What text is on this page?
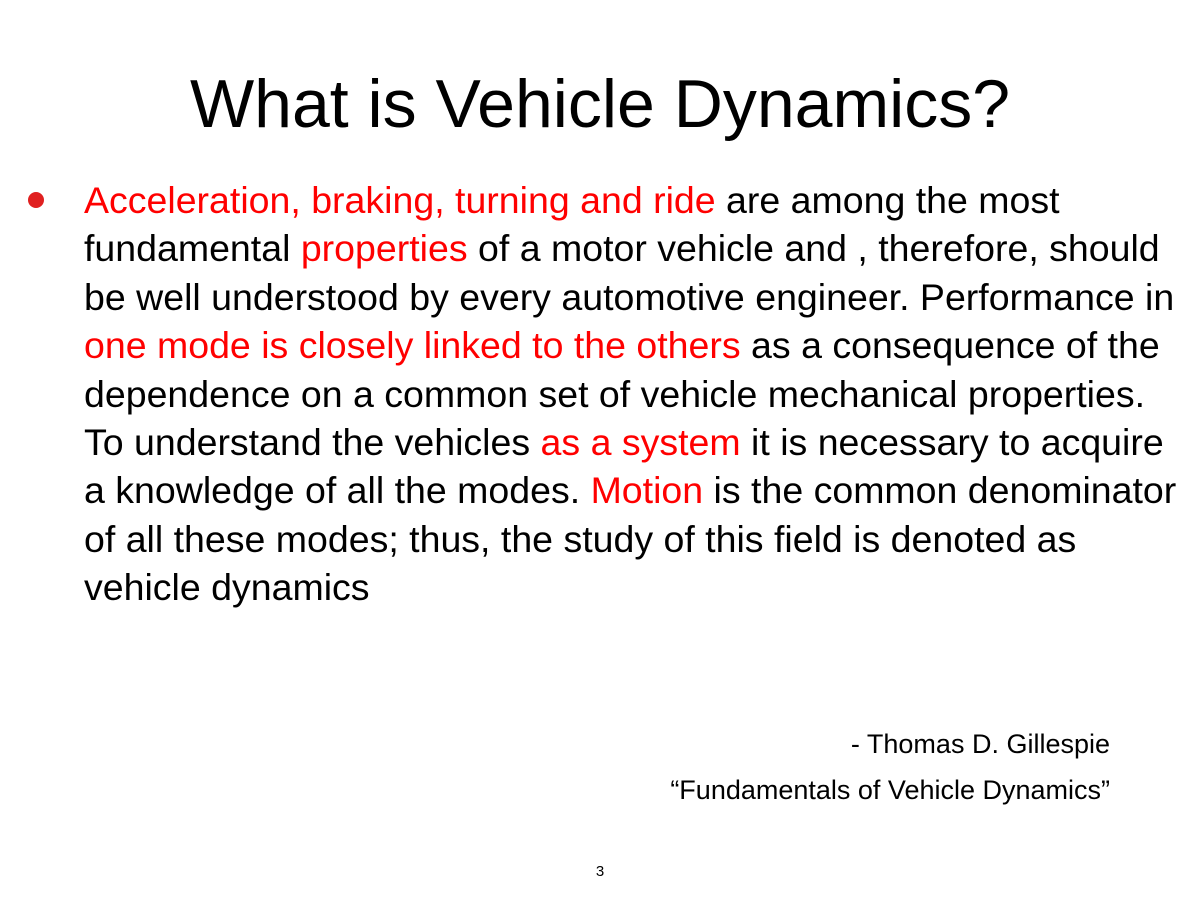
What is Vehicle Dynamics?

Acceleration, braking, turning and ride are among the most fundamental properties of a motor vehicle and , therefore, should be well understood by every automotive engineer. Performance in one mode is closely linked to the others as a consequence of the dependence on a common set of vehicle mechanical properties. To understand the vehicles as a system it is necessary to acquire a knowledge of all the modes. Motion is the common denominator of all these modes; thus, the study of this field is denoted as vehicle dynamics

- Thomas D. Gillespie
“Fundamentals of Vehicle Dynamics”
3
